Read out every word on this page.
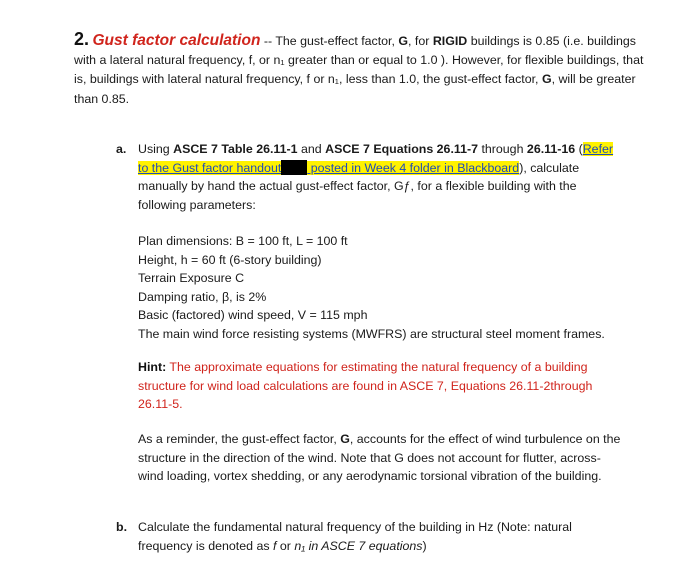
2. Gust factor calculation -- The gust-effect factor, G, for RIGID buildings is 0.85 (i.e. buildings with a lateral natural frequency, f, or n₁ greater than or equal to 1.0 ). However, for flexible buildings, that is, buildings with lateral natural frequency, f or n₁, less than 1.0, the gust-effect factor, G, will be greater than 0.85.
a. Using ASCE 7 Table 26.11-1 and ASCE 7 Equations 26.11-7 through 26.11-16 (Refer to the Gust factor handout posted in Week 4 folder in Blackboard), calculate manually by hand the actual gust-effect factor, Gƒ, for a flexible building with the following parameters:
Plan dimensions: B = 100 ft, L = 100 ft
Height, h = 60 ft (6-story building)
Terrain Exposure C
Damping ratio, β, is 2%
Basic (factored) wind speed, V = 115 mph
The main wind force resisting systems (MWFRS) are structural steel moment frames.
Hint: The approximate equations for estimating the natural frequency of a building structure for wind load calculations are found in ASCE 7, Equations 26.11-2through 26.11-5.
As a reminder, the gust-effect factor, G, accounts for the effect of wind turbulence on the structure in the direction of the wind. Note that G does not account for flutter, across-wind loading, vortex shedding, or any aerodynamic torsional vibration of the building.
b. Calculate the fundamental natural frequency of the building in Hz (Note: natural frequency is denoted as f or n₁ in ASCE 7 equations)
